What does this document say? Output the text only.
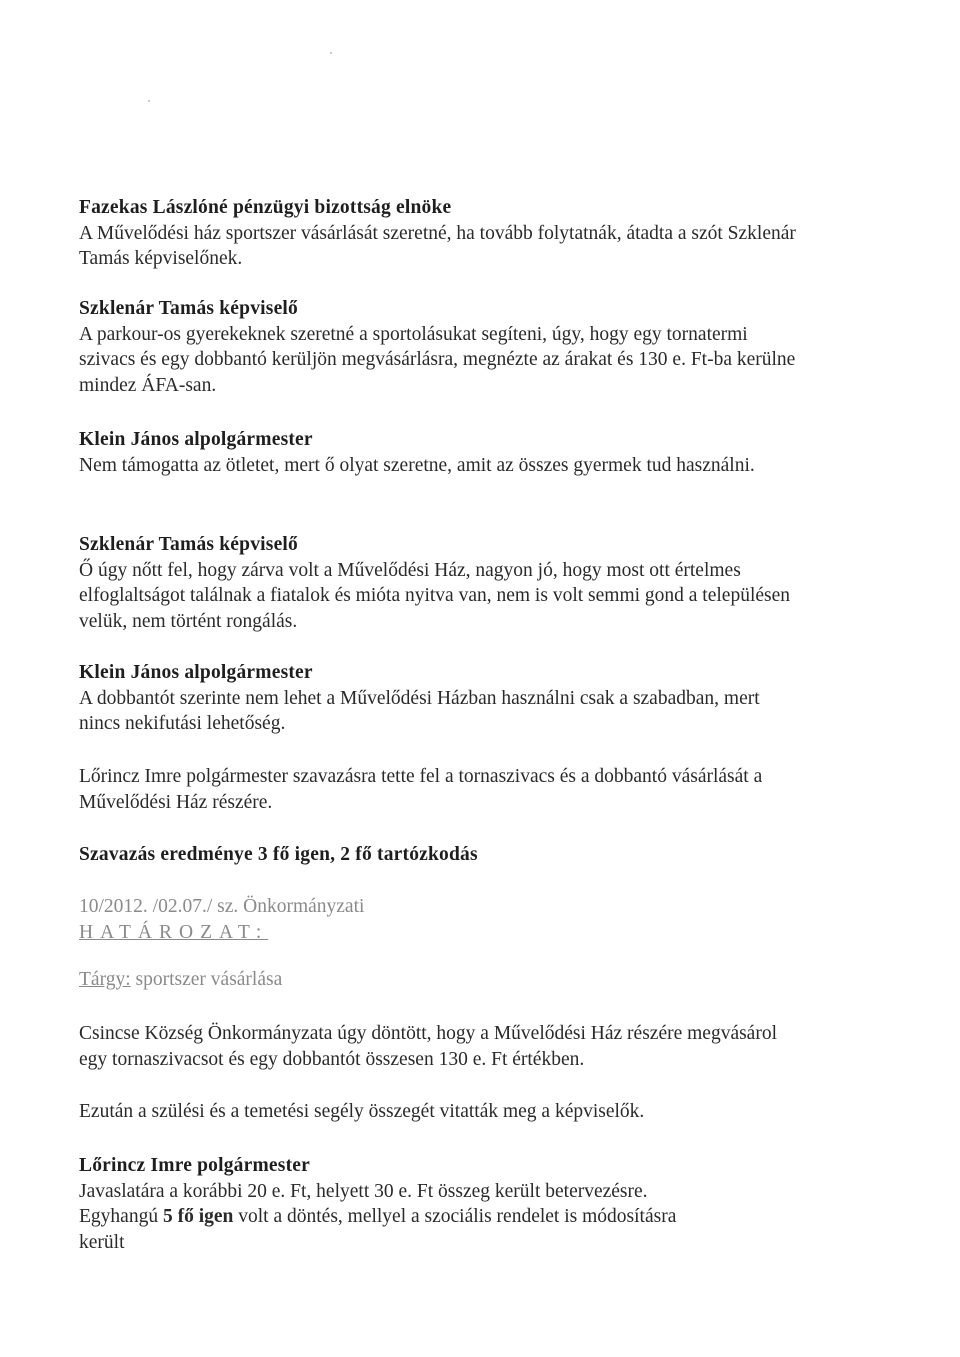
Fazekas Lászlóné pénzügyi bizottság elnöke

A Művelődési ház sportszer vásárlását szeretné, ha tovább folytatnák, átadta a szót Szklenár Tamás képviselőnek.

Szklenár Tamás képviselő

A parkour-os gyerekeknek szeretné a sportolásukat segíteni, úgy, hogy egy tornatermi szivacs és egy dobbantó kerüljön megvásárlásra, megnézte az árakat és 130 e. Ft-ba kerülne mindez ÁFA-san.

Klein János alpolgármester

Nem támogatta az ötletet, mert ő olyat szeretne, amit az összes gyermek tud használni.

Szklenár Tamás képviselő

Ő úgy nőtt fel, hogy zárva volt a Művelődési Ház, nagyon jó, hogy most ott értelmes elfoglaltságot találnak a fiatalok és mióta nyitva van, nem is volt semmi gond a településen velük, nem történt rongálás.

Klein János alpolgármester

A dobbantót szerinte nem lehet a Művelődési Házban használni csak a szabadban, mert nincs nekifutási lehetőség.

Lőrincz Imre polgármester szavazásra tette fel a tornaszivacs és a dobbantó vásárlását a Művelődési Ház részére.

Szavazás eredménye 3 fő igen, 2 fő tartózkodás

10/2012. /02.07./ sz. Önkormányzati

HATÁROZAT:

Tárgy: sportszer vásárlása

Csincse Község Önkormányzata úgy döntött, hogy a Művelődési Ház részére megvásárol egy tornaszivacsot és egy dobbantót összesen 130 e. Ft értékben.

Ezután a szülési és a temetési segély összegét vitatták meg a képviselők.

Lőrincz Imre polgármester

Javaslatára a korábbi 20 e. Ft, helyett 30 e. Ft összeg került betervezésre.

Egyhangú 5 fő igen volt a döntés, mellyel a szociális rendelet is módosításra

került
